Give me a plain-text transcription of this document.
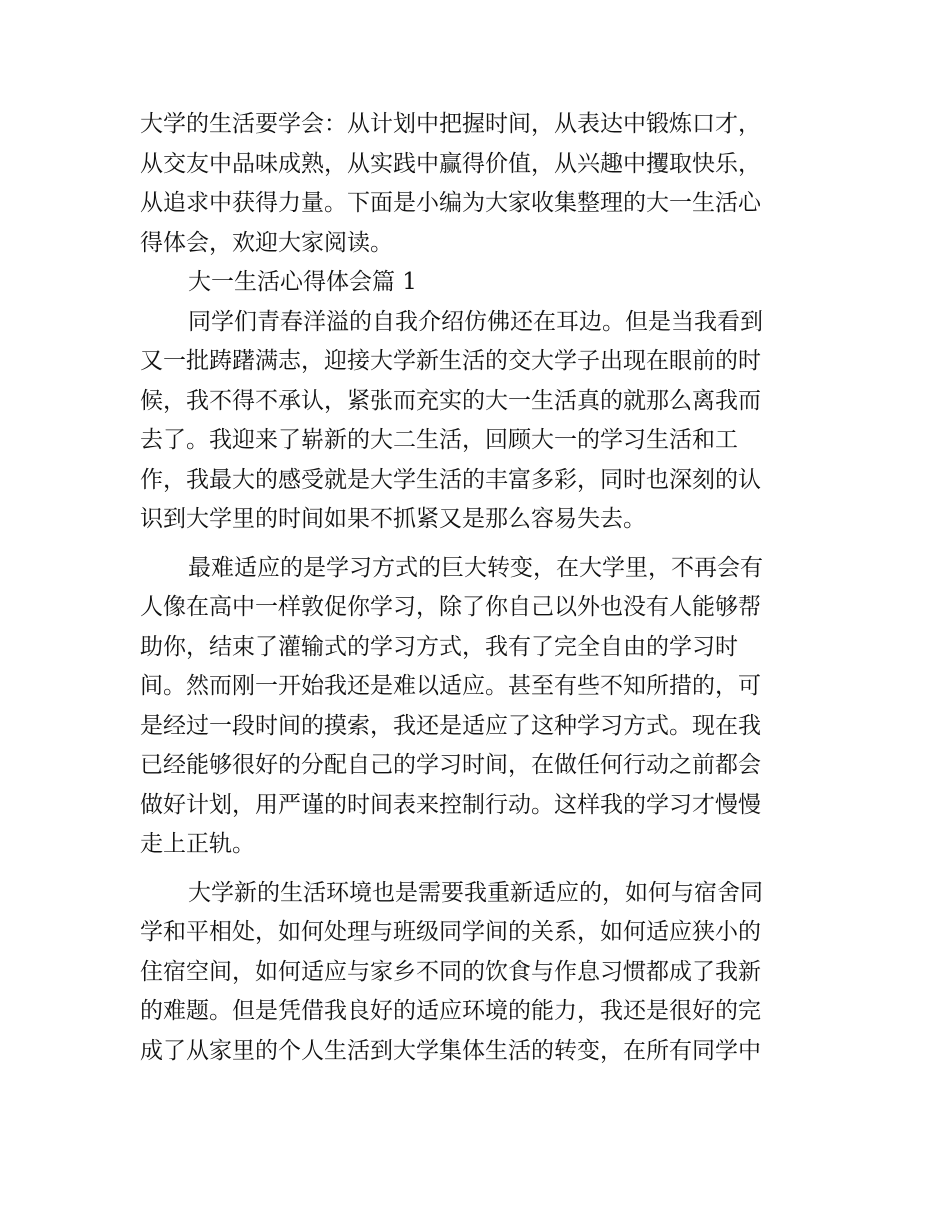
大学的生活要学会：从计划中把握时间，从表达中锻炼口才，
从交友中品味成熟，从实践中赢得价值，从兴趣中攫取快乐，
从追求中获得力量。下面是小编为大家收集整理的大一生活心
得体会，欢迎大家阅读。
大一生活心得体会篇 1
同学们青春洋溢的自我介绍仿佛还在耳边。但是当我看到
又一批踌躇满志，迎接大学新生活的交大学子出现在眼前的时
候，我不得不承认，紧张而充实的大一生活真的就那么离我而
去了。我迎来了崭新的大二生活，回顾大一的学习生活和工
作，我最大的感受就是大学生活的丰富多彩，同时也深刻的认
识到大学里的时间如果不抓紧又是那么容易失去。
最难适应的是学习方式的巨大转变，在大学里，不再会有
人像在高中一样敦促你学习，除了你自己以外也没有人能够帮
助你，结束了灌输式的学习方式，我有了完全自由的学习时
间。然而刚一开始我还是难以适应。甚至有些不知所措的，可
是经过一段时间的摸索，我还是适应了这种学习方式。现在我
已经能够很好的分配自己的学习时间，在做任何行动之前都会
做好计划，用严谨的时间表来控制行动。这样我的学习才慢慢
走上正轨。
大学新的生活环境也是需要我重新适应的，如何与宿舍同
学和平相处，如何处理与班级同学间的关系，如何适应狭小的
住宿空间，如何适应与家乡不同的饮食与作息习惯都成了我新
的难题。但是凭借我良好的适应环境的能力，我还是很好的完
成了从家里的个人生活到大学集体生活的转变，在所有同学中
